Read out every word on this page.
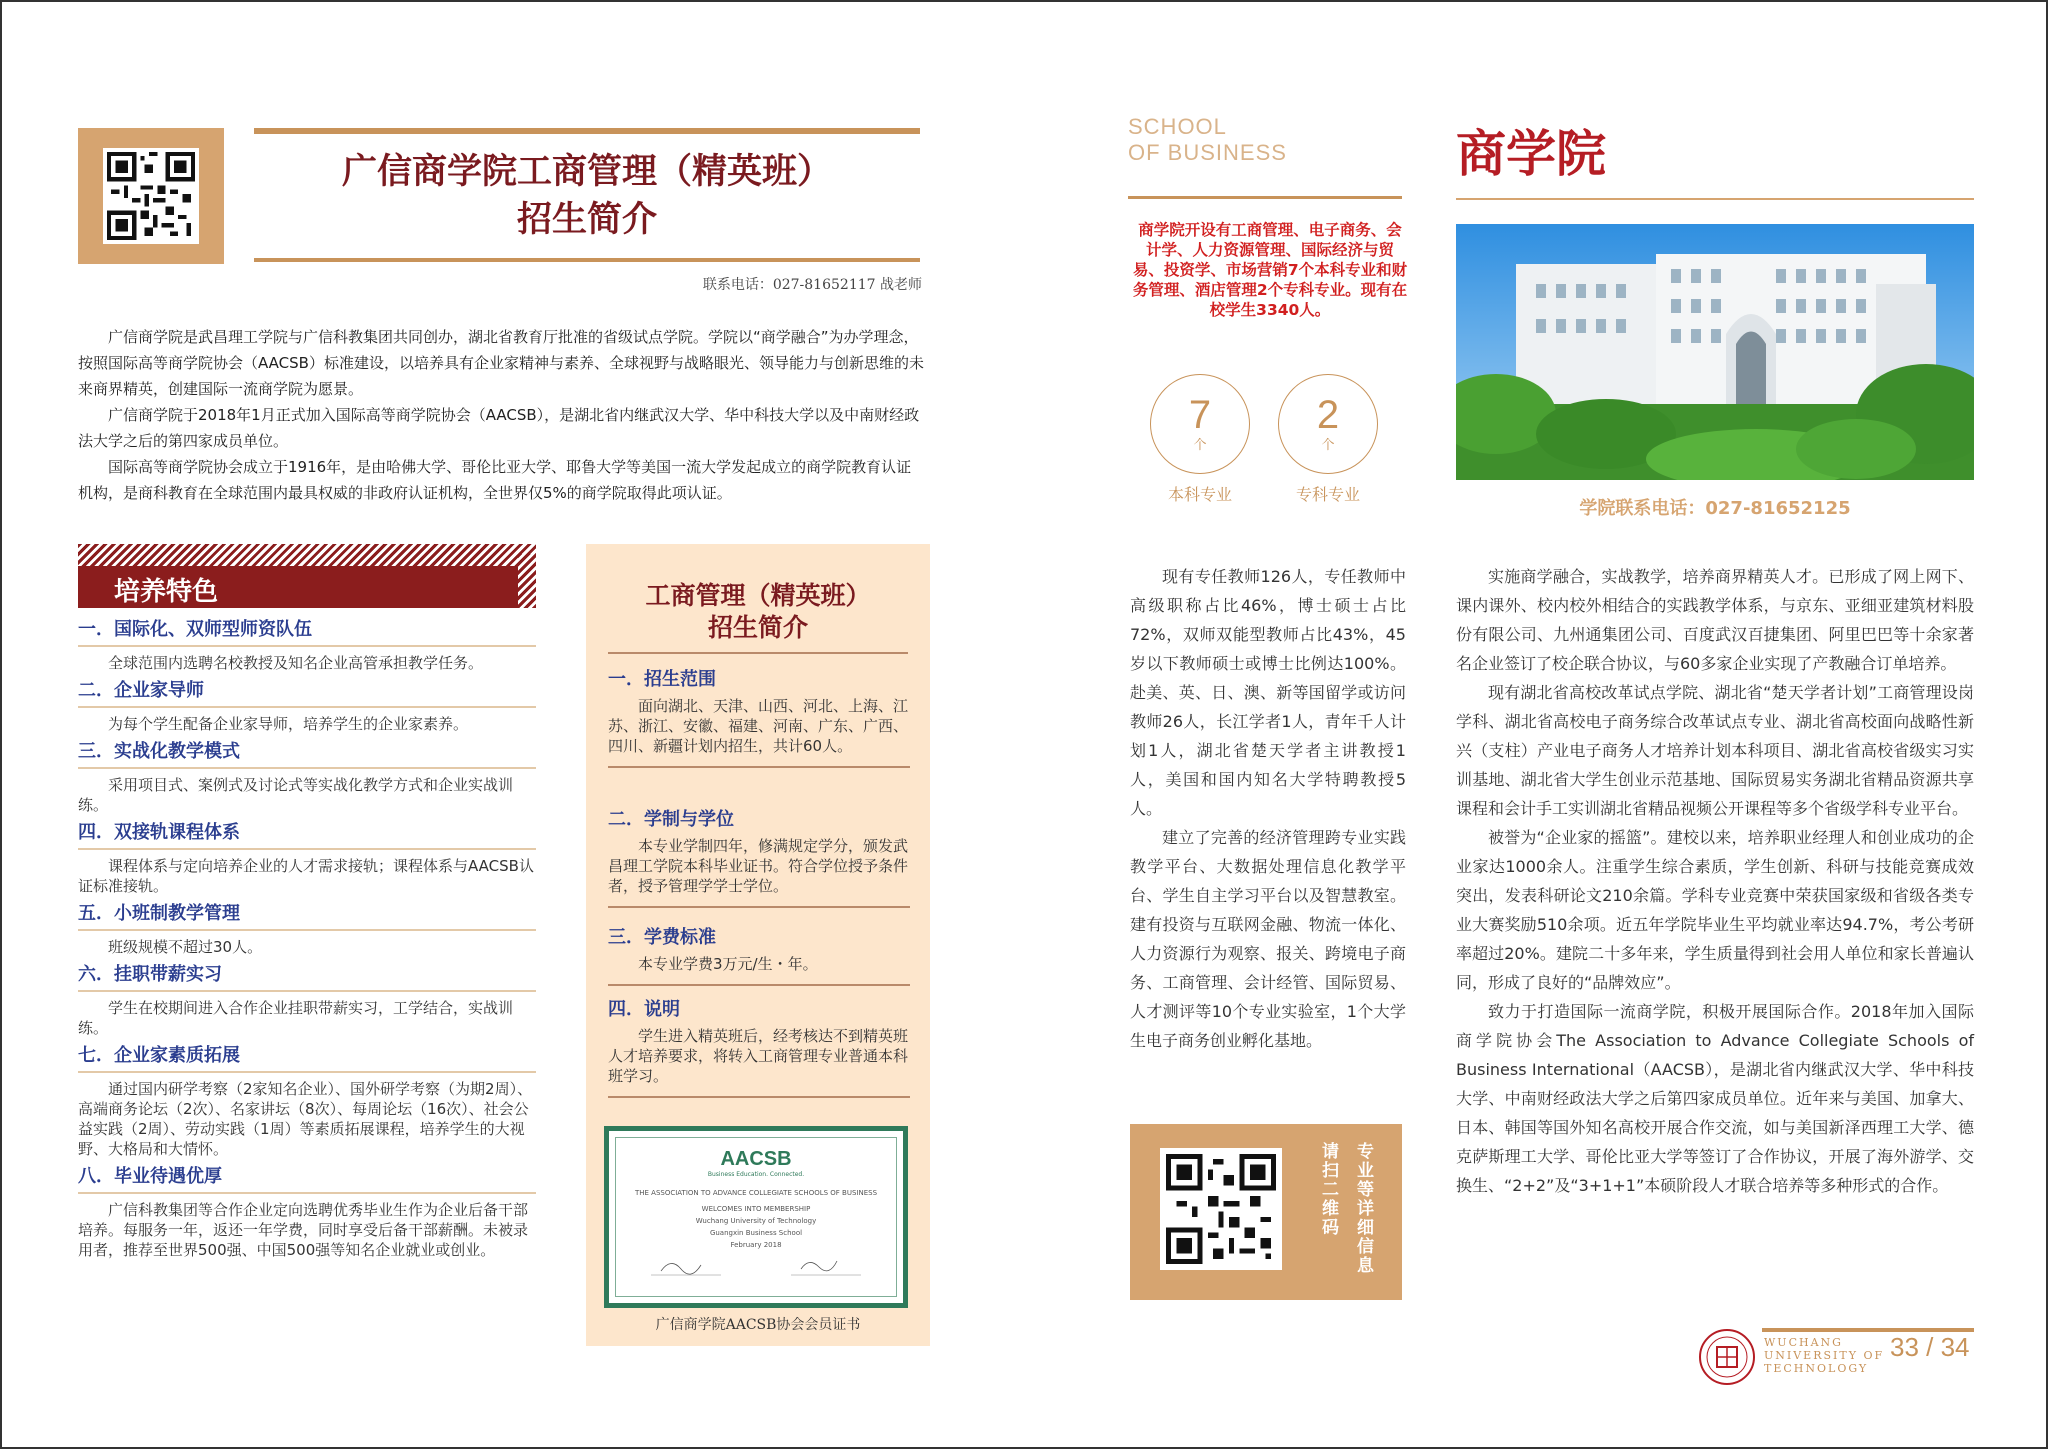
广信商学院工商管理（精英班）
招生简介
联系电话：027-81652117 战老师

广信商学院是武昌理工学院与广信科教集团共同创办，湖北省教育厅批准的省级试点学院。学院以“商学融合”为办学理念，按照国际高等商学院协会（AACSB）标准建设，以培养具有企业家精神与素养、全球视野与战略眼光、领导能力与创新思维的未来商界精英，创建国际一流商学院为愿景。

广信商学院于2018年1月正式加入国际高等商学院协会（AACSB），是湖北省内继武汉大学、华中科技大学以及中南财经政法大学之后的第四家成员单位。

国际高等商学院协会成立于1916年，是由哈佛大学、哥伦比亚大学、耶鲁大学等美国一流大学发起成立的商学院教育认证机构，是商科教育在全球范围内最具权威的非政府认证机构，全世界仅5%的商学院取得此项认证。

培养特色
一．国际化、双师型师资队伍

全球范围内选聘名校教授及知名企业高管承担教学任务。

二．企业家导师

为每个学生配备企业家导师，培养学生的企业家素养。

三．实战化教学模式

采用项目式、案例式及讨论式等实战化教学方式和企业实战训练。

四．双接轨课程体系

课程体系与定向培养企业的人才需求接轨；课程体系与AACSB认证标准接轨。

五．小班制教学管理

班级规模不超过30人。

六．挂职带薪实习

学生在校期间进入合作企业挂职带薪实习，工学结合，实战训练。

七．企业家素质拓展

通过国内研学考察（2家知名企业）、国外研学考察（为期2周）、高端商务论坛（2次）、名家讲坛（8次）、每周论坛（16次）、社会公益实践（2周）、劳动实践（1周）等素质拓展课程，培养学生的大视野、大格局和大情怀。

八．毕业待遇优厚

广信科教集团等合作企业定向选聘优秀毕业生作为企业后备干部培养。每服务一年，返还一年学费，同时享受后备干部薪酬。未被录用者，推荐至世界500强、中国500强等知名企业就业或创业。

工商管理（精英班）
招生简介
一．招生范围

面向湖北、天津、山西、河北、上海、江苏、浙江、安徽、福建、河南、广东、广西、四川、新疆计划内招生，共计60人。

二．学制与学位

本专业学制四年，修满规定学分，颁发武昌理工学院本科毕业证书。符合学位授予条件者，授予管理学学士学位。

三．学费标准

本专业学费3万元/生・年。

四．说明

学生进入精英班后，经考核达不到精英班人才培养要求，将转入工商管理专业普通本科班学习。

AACSB
Business Education. Connected.
THE ASSOCIATION TO ADVANCE COLLEGIATE SCHOOLS OF BUSINESS
WELCOMES INTO MEMBERSHIP
Wuchang University of Technology
Guangxin Business School
February 2018
广信商学院AACSB协会会员证书
SCHOOL
OF BUSINESS
商学院开设有工商管理、电子商务、会计学、人力资源管理、国际经济与贸易、投资学、市场营销7个本科专业和财务管理、酒店管理2个专科专业。现有在校学生3340人。
7
个
本科专业
2
个
专科专业
商学院
学院联系电话：027-81652125

现有专任教师126人，专任教师中高级职称占比46%，博士硕士占比72%，双师双能型教师占比43%，45岁以下教师硕士或博士比例达100%。赴美、英、日、澳、新等国留学或访问教师26人，长江学者1人，青年千人计划1人，湖北省楚天学者主讲教授1人，美国和国内知名大学特聘教授5人。

建立了完善的经济管理跨专业实践教学平台、大数据处理信息化教学平台、学生自主学习平台以及智慧教室。建有投资与互联网金融、物流一体化、人力资源行为观察、报关、跨境电子商务、工商管理、会计经管、国际贸易、人才测评等10个专业实验室，1个大学生电子商务创业孵化基地。

专业等详细信息
请扫二维码

实施商学融合，实战教学，培养商界精英人才。已形成了网上网下、课内课外、校内校外相结合的实践教学体系，与京东、亚细亚建筑材料股份有限公司、九州通集团公司、百度武汉百捷集团、阿里巴巴等十余家著名企业签订了校企联合协议，与60多家企业实现了产教融合订单培养。

现有湖北省高校改革试点学院、湖北省“楚天学者计划”工商管理设岗学科、湖北省高校电子商务综合改革试点专业、湖北省高校面向战略性新兴（支柱）产业电子商务人才培养计划本科项目、湖北省高校省级实习实训基地、湖北省大学生创业示范基地、国际贸易实务湖北省精品资源共享课程和会计手工实训湖北省精品视频公开课程等多个省级学科专业平台。

被誉为“企业家的摇篮”。建校以来，培养职业经理人和创业成功的企业家达1000余人。注重学生综合素质，学生创新、科研与技能竞赛成效突出，发表科研论文210余篇。学科专业竞赛中荣获国家级和省级各类专业大赛奖励510余项。近五年学院毕业生平均就业率达94.7%，考公考研率超过20%。建院二十多年来，学生质量得到社会用人单位和家长普遍认同，形成了良好的“品牌效应”。

致力于打造国际一流商学院，积极开展国际合作。2018年加入国际商学院协会The Association to Advance Collegiate Schools of Business International（AACSB），是湖北省内继武汉大学、华中科技大学、中南财经政法大学之后第四家成员单位。近年来与美国、加拿大、日本、韩国等国外知名高校开展合作交流，如与美国新泽西理工大学、德克萨斯理工大学、哥伦比亚大学等签订了合作协议，开展了海外游学、交换生、“2+2”及“3+1+1”本硕阶段人才联合培养等多种形式的合作。

WUCHANG
UNIVERSITY OF
TECHNOLOGY
33 / 34
